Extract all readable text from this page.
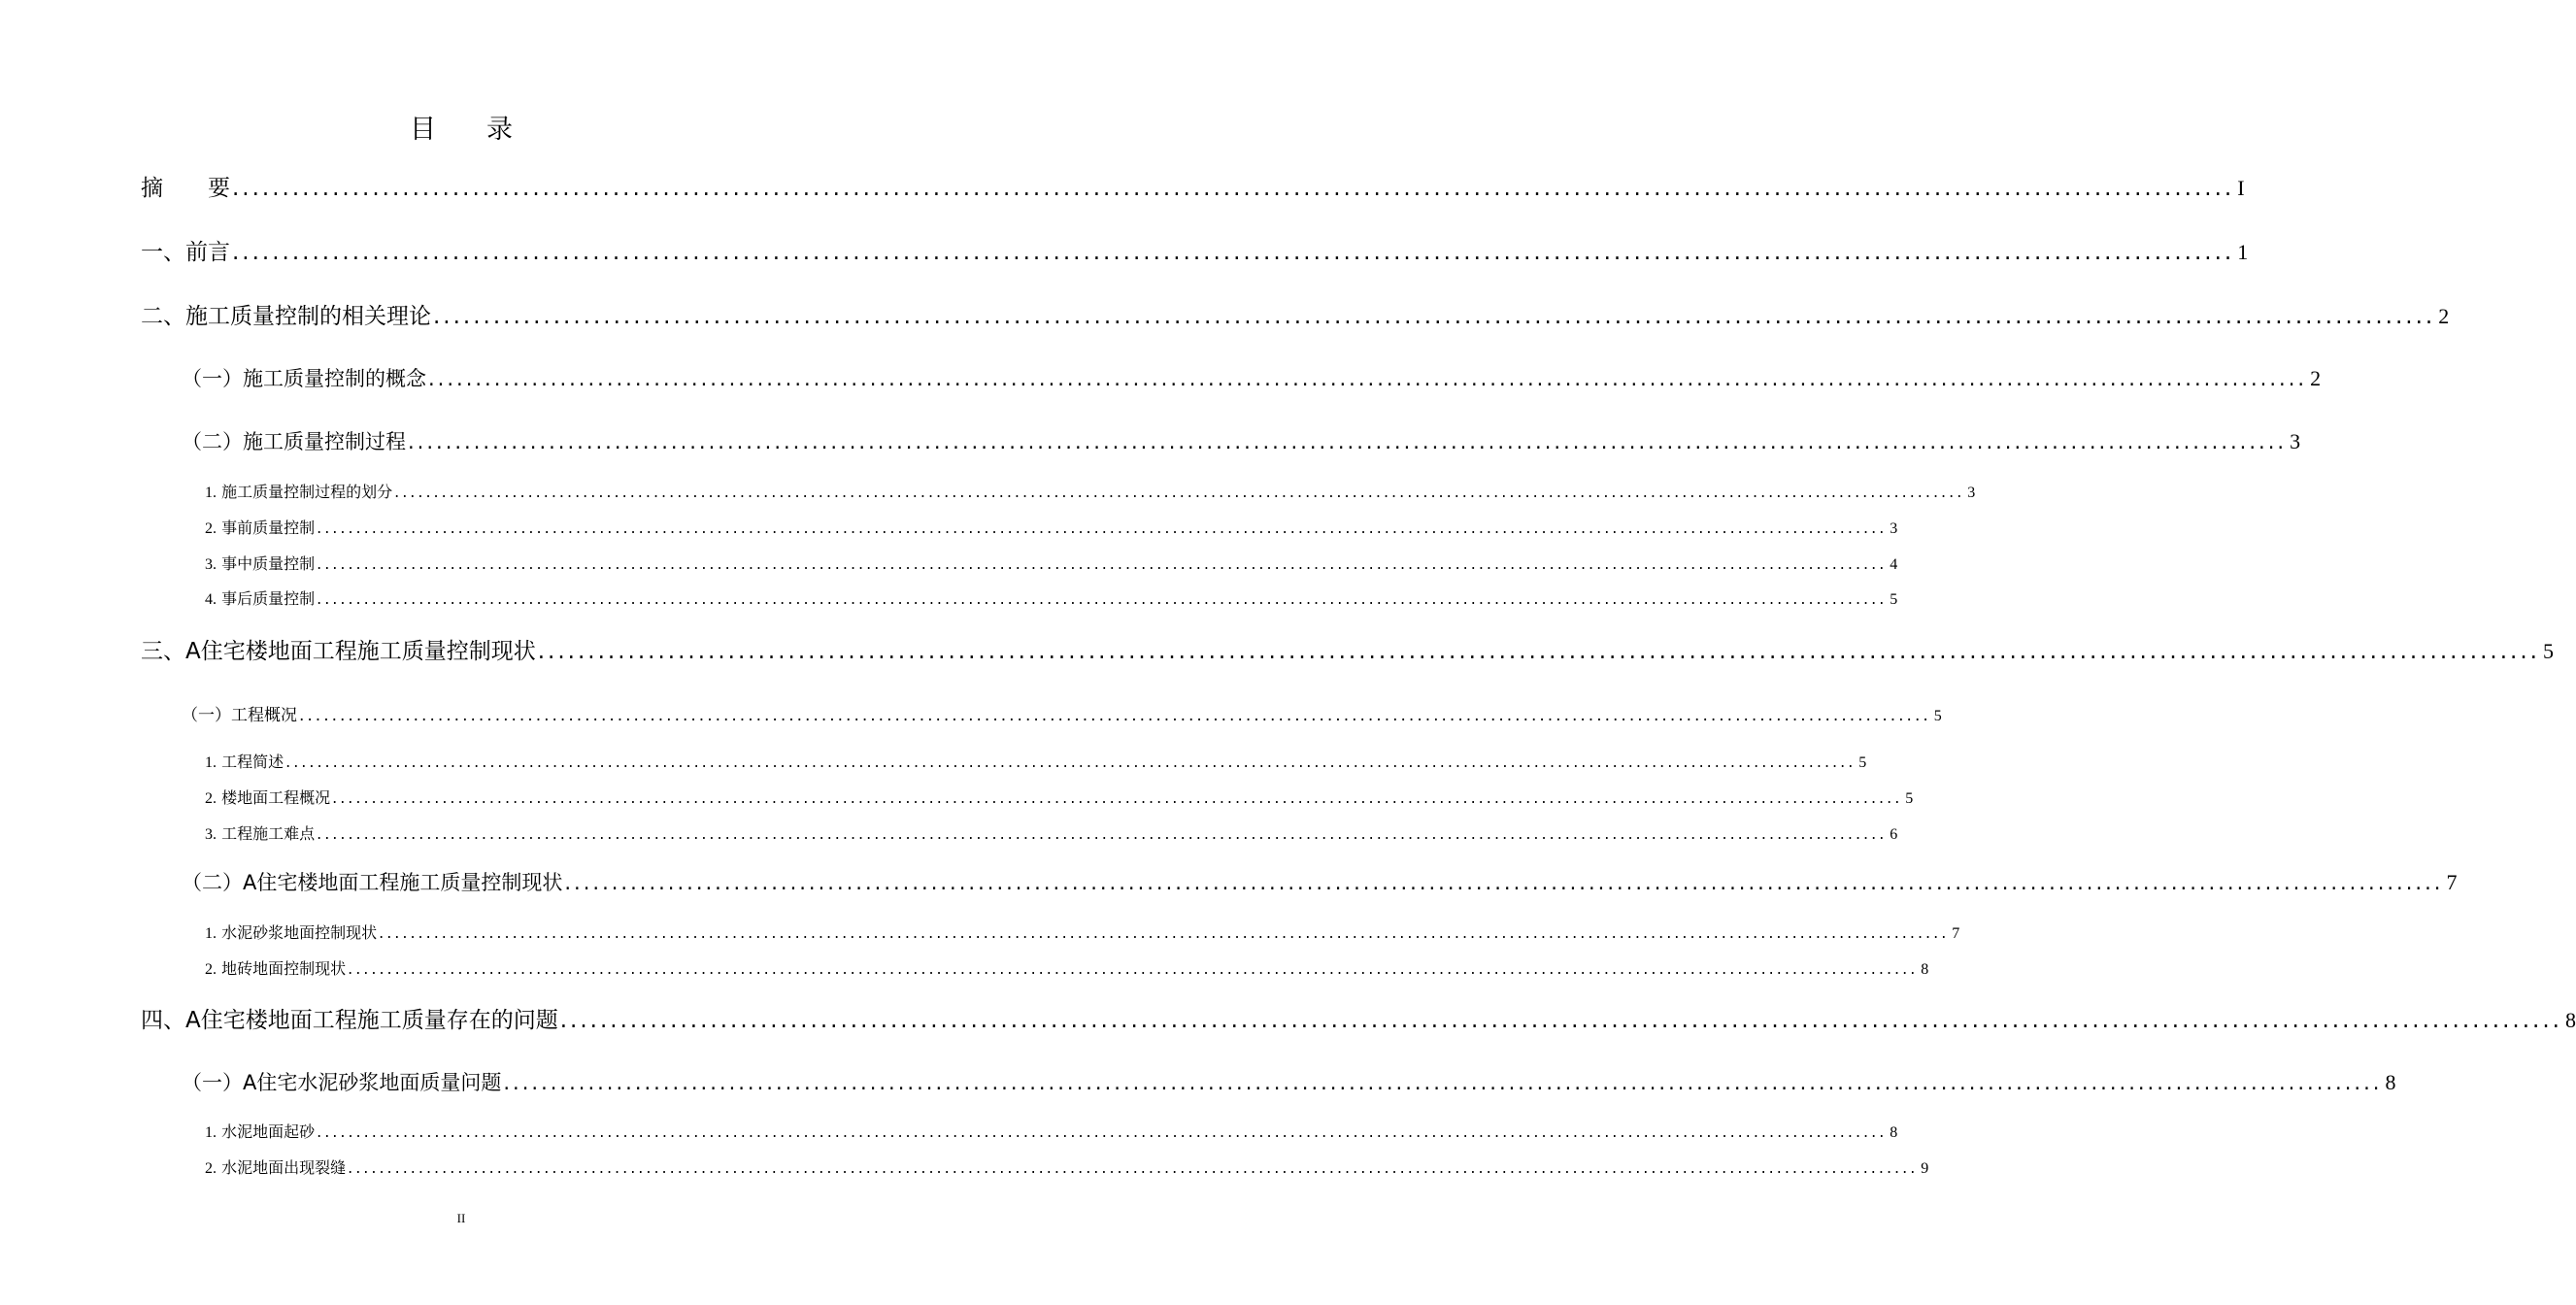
目录
摘　　要 ........................................................................................................................................................................................................ I
一、前言 ........................................................................................................................................................................................................ 1
二、施工质量控制的相关理论 ........................................................................................................................................................................................................ 2
（一）施工质量控制的概念 ........................................................................................................................................................................................................ 2
（二）施工质量控制过程 ........................................................................................................................................................................................................ 3
1. 施工质量控制过程的划分 ........................................................................................................................................................................................................ 3
2. 事前质量控制 ........................................................................................................................................................................................................ 3
3. 事中质量控制 ........................................................................................................................................................................................................ 4
4. 事后质量控制 ........................................................................................................................................................................................................ 5
三、A住宅楼地面工程施工质量控制现状 ........................................................................................................................................................................................................ 5
（一）工程概况 ........................................................................................................................................................................................................ 5
1. 工程简述 ........................................................................................................................................................................................................ 5
2. 楼地面工程概况 ........................................................................................................................................................................................................ 5
3. 工程施工难点 ........................................................................................................................................................................................................ 6
（二）A住宅楼地面工程施工质量控制现状 ........................................................................................................................................................................................................ 7
1. 水泥砂浆地面控制现状 ........................................................................................................................................................................................................ 7
2. 地砖地面控制现状 ........................................................................................................................................................................................................ 8
四、A住宅楼地面工程施工质量存在的问题 ........................................................................................................................................................................................................ 8
（一）A住宅水泥砂浆地面质量问题 ........................................................................................................................................................................................................ 8
1. 水泥地面起砂 ........................................................................................................................................................................................................ 8
2. 水泥地面出现裂缝 ........................................................................................................................................................................................................ 9
II
